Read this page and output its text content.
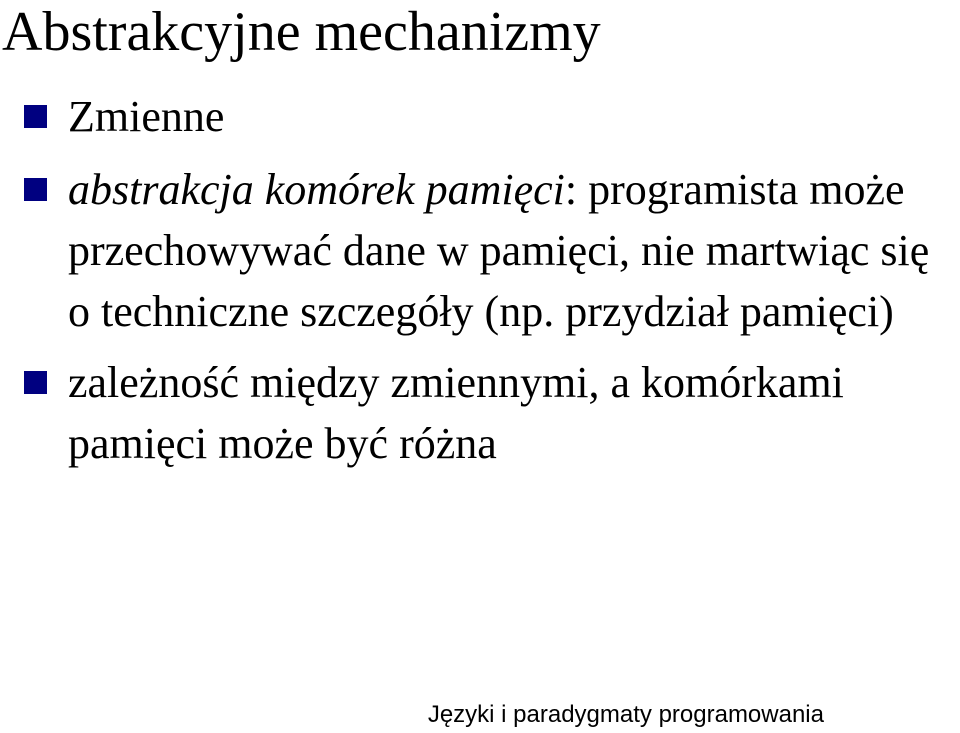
Abstrakcyjne mechanizmy
Zmienne
abstrakcja komórek pamięci: programista może przechowywać dane w pamięci, nie martwiąc się o techniczne szczegóły (np. przydział pamięci)
zależność między zmiennymi, a komórkami pamięci może być różna
Języki i paradygmaty programowania
